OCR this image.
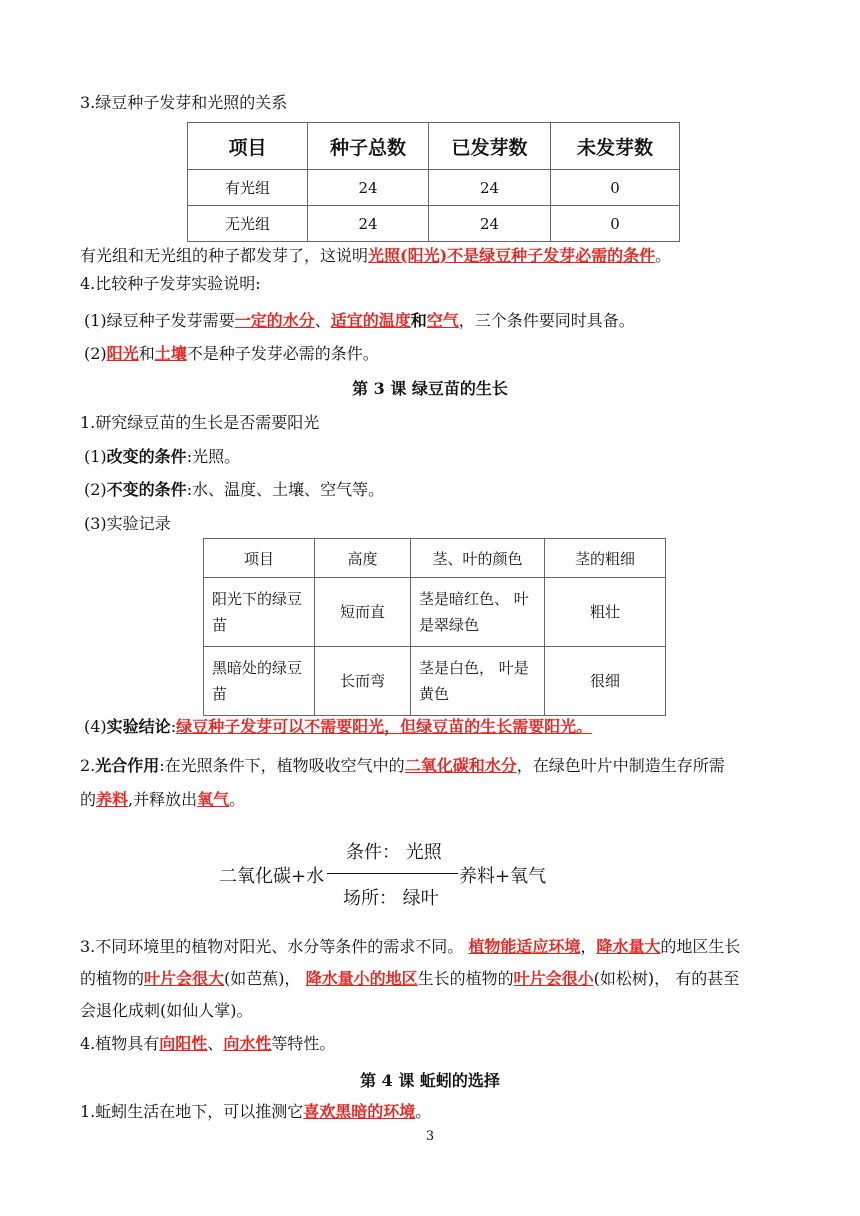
3.绿豆种子发芽和光照的关系
项目	种子总数	已发芽数	未发芽数
有光组	24	24	0
无光组	24	24	0
有光组和无光组的种子都发芽了，这说明光照(阳光)不是绿豆种子发芽必需的条件。
4.比较种子发芽实验说明:
(1)绿豆种子发芽需要一定的水分、适宜的温度和空气，三个条件要同时具备。
(2)阳光和土壤不是种子发芽必需的条件。
第 3 课 绿豆苗的生长
1.研究绿豆苗的生长是否需要阳光
(1)改变的条件:光照。
(2)不变的条件:水、温度、土壤、空气等。
(3)实验记录
项目	高度	茎、叶的颜色	茎的粗细
阳光下的绿豆苗	短而直	茎是暗红色、 叶是翠绿色	粗壮
黑暗处的绿豆苗	长而弯	茎是白色， 叶是黄色	很细
(4)实验结论:绿豆种子发芽可以不需要阳光，但绿豆苗的生长需要阳光。
2.光合作用:在光照条件下，植物吸收空气中的二氧化碳和水分，在绿色叶片中制造生存所需
的养料,并释放出氧气。
条件： 光照
二氧化碳+水	养料+氧气
场所： 绿叶
3.不同环境里的植物对阳光、水分等条件的需求不同。 植物能适应环境，降水量大的地区生长
的植物的叶片会很大(如芭蕉)， 降水量小的地区生长的植物的叶片会很小(如松树)， 有的甚至
会退化成刺(如仙人掌)。
4.植物具有向阳性、向水性等特性。
第 4 课 蚯蚓的选择
1.蚯蚓生活在地下，可以推测它喜欢黑暗的环境。
3
